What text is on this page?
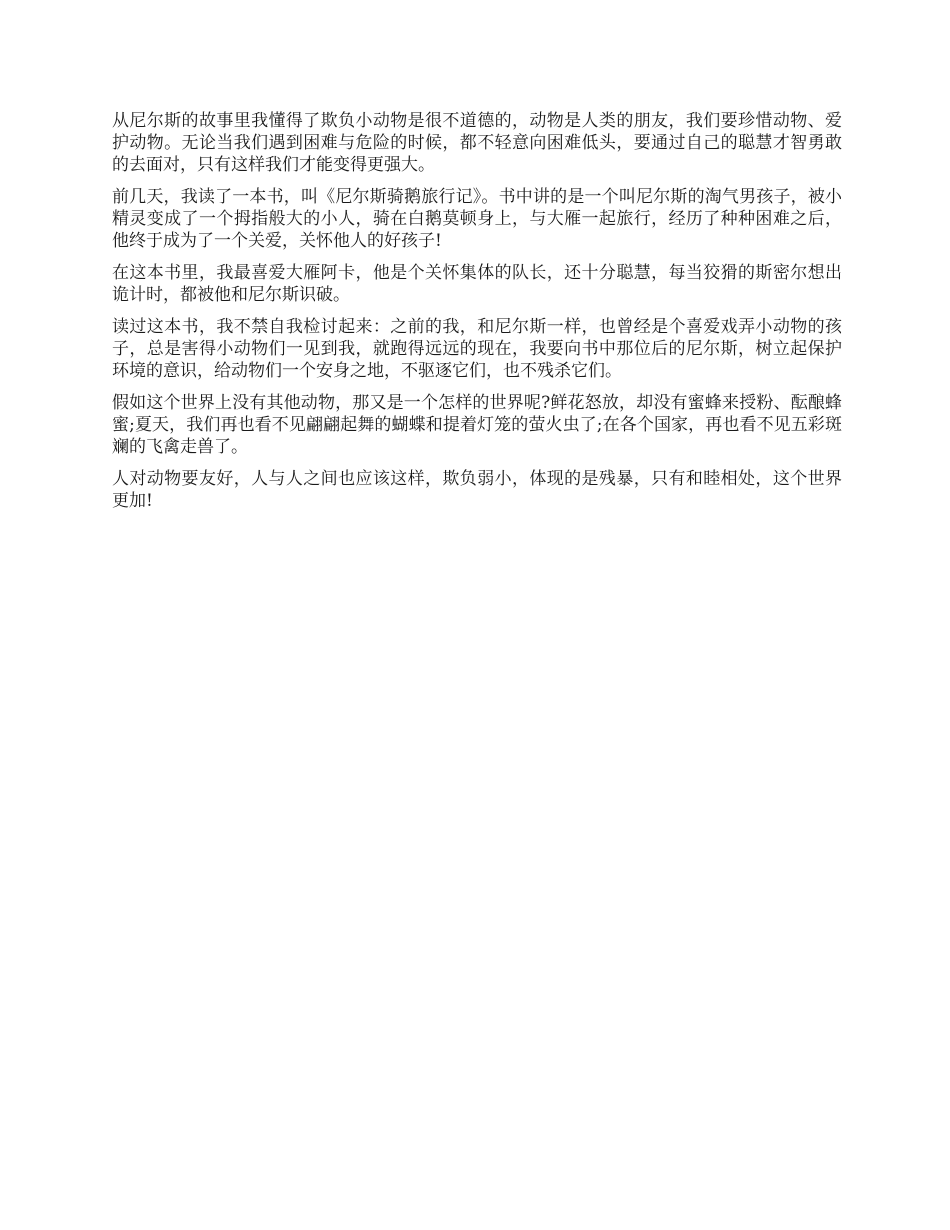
从尼尔斯的故事里我懂得了欺负小动物是很不道德的，动物是人类的朋友，我们要珍惜动物、爱护动物。无论当我们遇到困难与危险的时候，都不轻意向困难低头，要通过自己的聪慧才智勇敢的去面对，只有这样我们才能变得更强大。

前几天，我读了一本书，叫《尼尔斯骑鹅旅行记》。书中讲的是一个叫尼尔斯的淘气男孩子，被小精灵变成了一个拇指般大的小人，骑在白鹅莫顿身上，与大雁一起旅行，经历了种种困难之后，他终于成为了一个关爱，关怀他人的好孩子!

在这本书里，我最喜爱大雁阿卡，他是个关怀集体的队长，还十分聪慧，每当狡猾的斯密尔想出诡计时，都被他和尼尔斯识破。

读过这本书，我不禁自我检讨起来：之前的我，和尼尔斯一样，也曾经是个喜爱戏弄小动物的孩子，总是害得小动物们一见到我，就跑得远远的现在，我要向书中那位后的尼尔斯，树立起保护环境的意识，给动物们一个安身之地，不驱逐它们，也不残杀它们。

假如这个世界上没有其他动物，那又是一个怎样的世界呢?鲜花怒放，却没有蜜蜂来授粉、酝酿蜂蜜;夏天，我们再也看不见翩翩起舞的蝴蝶和提着灯笼的萤火虫了;在各个国家，再也看不见五彩斑斓的飞禽走兽了。

人对动物要友好，人与人之间也应该这样，欺负弱小，体现的是残暴，只有和睦相处，这个世界更加!
